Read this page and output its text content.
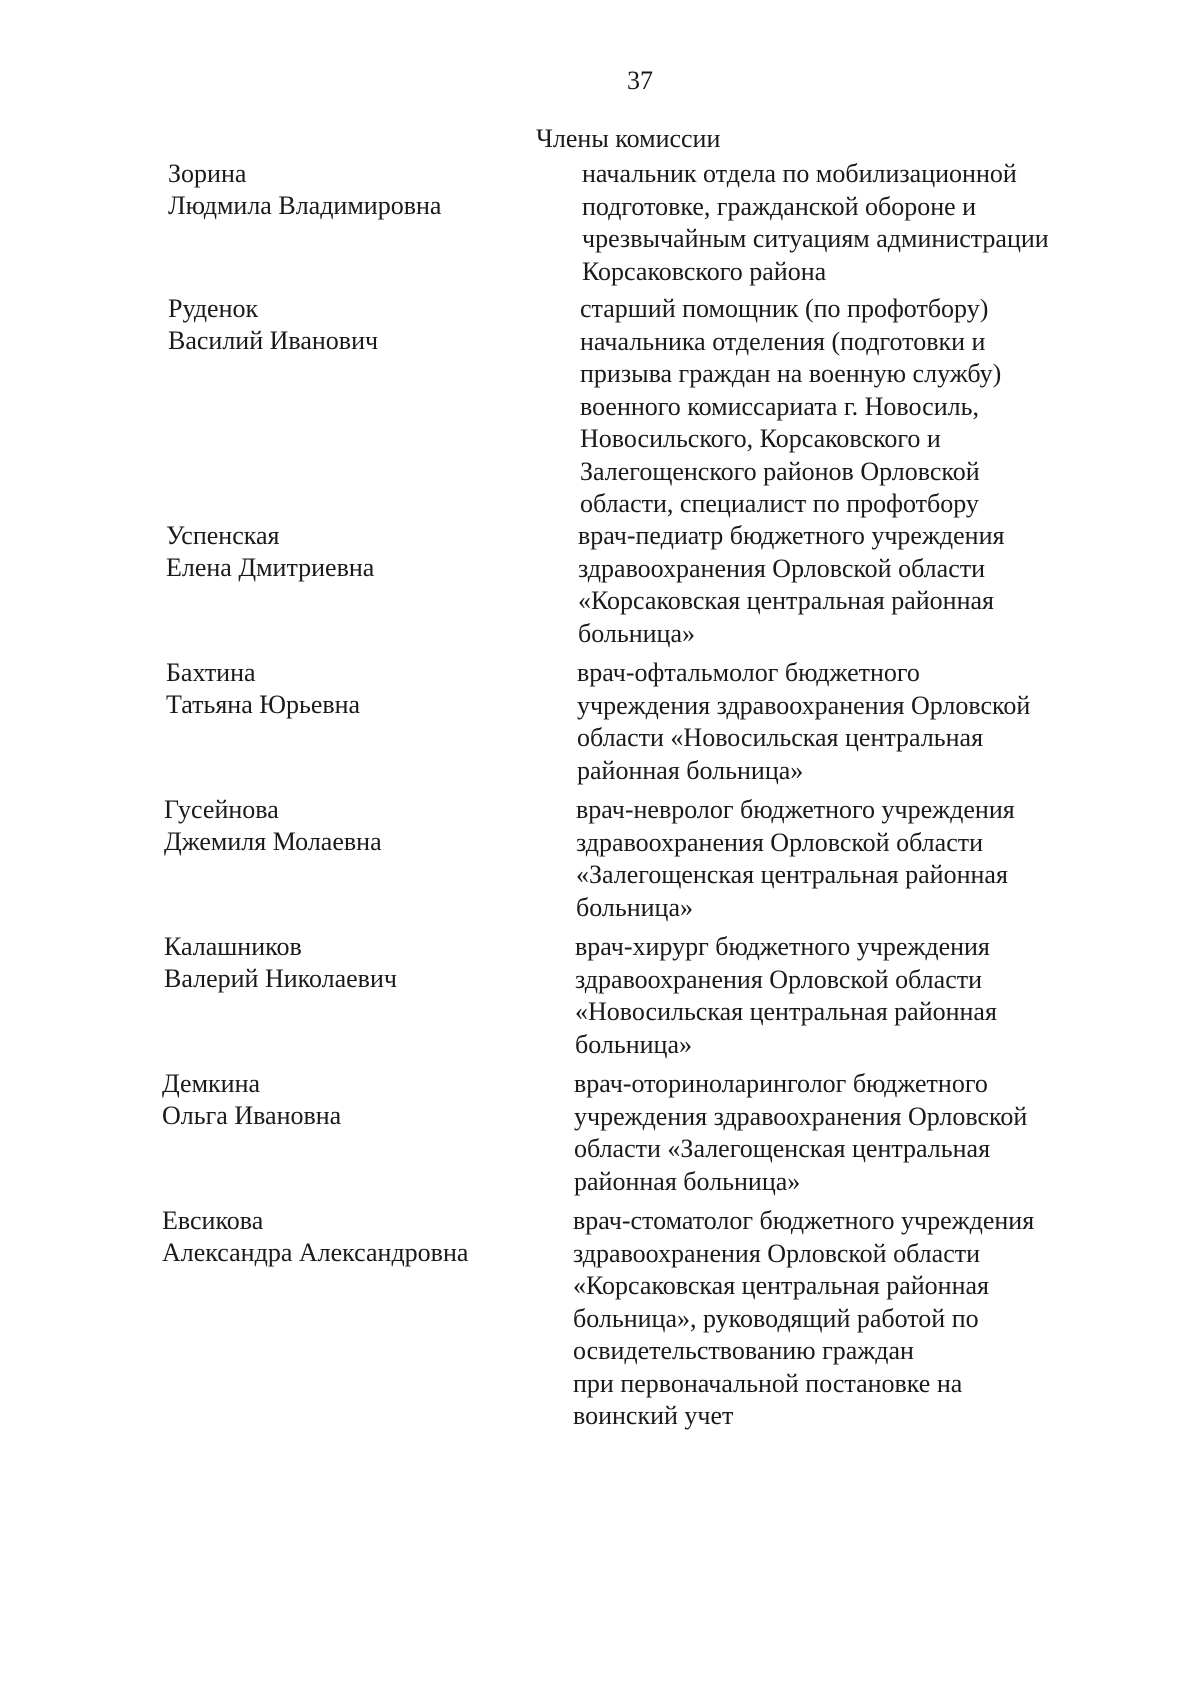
37

Члены комиссии
Зорина
Людмила Владимировна
начальник отдела по мобилизационной
подготовке, гражданской обороне и
чрезвычайным ситуациям администрации
Корсаковского района
Руденок
Василий Иванович
старший помощник (по профотбору)
начальника отделения (подготовки и
призыва граждан на военную службу)
военного комиссариата г. Новосиль,
Новосильского, Корсаковского и
Залегощенского районов Орловской
области, специалист по профотбору
Успенская
Елена Дмитриевна
врач-педиатр бюджетного учреждения
здравоохранения Орловской области
«Корсаковская центральная районная
больница»
Бахтина
Татьяна Юрьевна
врач-офтальмолог бюджетного
учреждения здравоохранения Орловской
области «Новосильская центральная
районная больница»
Гусейнова
Джемиля Молаевна
врач-невролог бюджетного учреждения
здравоохранения Орловской области
«Залегощенская центральная районная
больница»
Калашников
Валерий Николаевич
врач-хирург бюджетного учреждения
здравоохранения Орловской области
«Новосильская центральная районная
больница»
Демкина
Ольга Ивановна
врач-оториноларинголог бюджетного
учреждения здравоохранения Орловской
области «Залегощенская центральная
районная больница»
Евсикова
Александра Александровна
врач-стоматолог бюджетного учреждения
здравоохранения Орловской области
«Корсаковская центральная районная
больница», руководящий работой по
освидетельствованию граждан
при первоначальной постановке на
воинский учет
